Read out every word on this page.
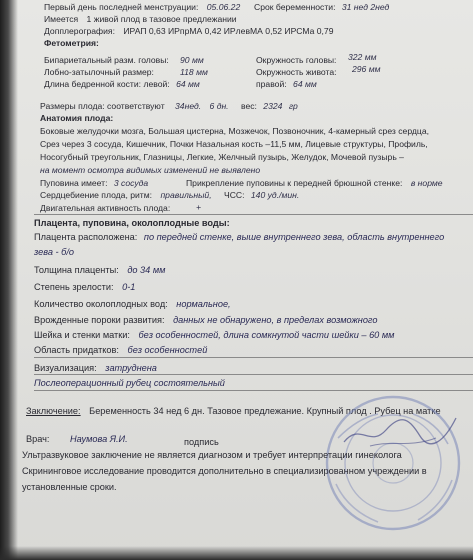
Первый день последней менструации: 05.06.22 Срок беременности: 31 нед 2нед
Имеется 1 живой плод в тазовое предлежании
Допплерография: ИРАП 0,63 ИРпрМА 0,42 ИРлевМА 0,52 ИРСМа 0,79
Фетометрия:
Бипариетальный разм. головы: 90 мм	Окружность головы: 322 мм
Лобно-затылочный размер:	118 мм	Окружность живота: 296 мм
Длина бедренной кости: левой: 64 мм	правой: 64 мм
Размеры плода: соответствуют 34нед. 6 дн. вес: 2324 гр
Анатомия плода:
Боковые желудочки мозга, Большая цистерна, Мозжечок, Позвоночник, 4-камерный срез сердца,
Срез через 3 сосуда, Кишечник, Почки Назальная кость –11,5 мм, Лицевые структуры, Профиль,
Носогубный треугольник, Глазницы, Легкие, Желчный пузырь, Желудок, Мочевой пузырь –
на момент осмотра видимых изменений не выявлено
Пуповина имеет: 3 сосуда	Прикрепление пуповины к передней брюшной стенке: в норме
Сердцебиение плода, ритм: правильный, ЧСС: 140 уд./мин.
Двигательная активность плода:	+
Плацента, пуповина, околоплодные воды:
Плацента расположена: по передней стенке, выше внутреннего зева, область внутреннего
зева - б/о
Толщина плаценты: до 34 мм
Степень зрелости: 0-1
Количество околоплодных вод: нормальное,
Врожденные пороки развития: данных не обнаружено, в пределах возможного
Шейка и стенки матки: без особенностей, длина сомкнутой части шейки – 60 мм
Область придатков: без особенностей
Визуализация: затруднена
Послеоперационный рубец состоятельный
Заключение: Беременность 34 нед 6 дн. Тазовое предлежание. Крупный плод . Рубец на матке
Врач: Наумова Я.И.	подпись
Ультразвуковое заключение не является диагнозом и требует интерпретации гинеколога
Скрининговое исследование проводится дополнительно в специализированном учреждении в
установленные сроки.
